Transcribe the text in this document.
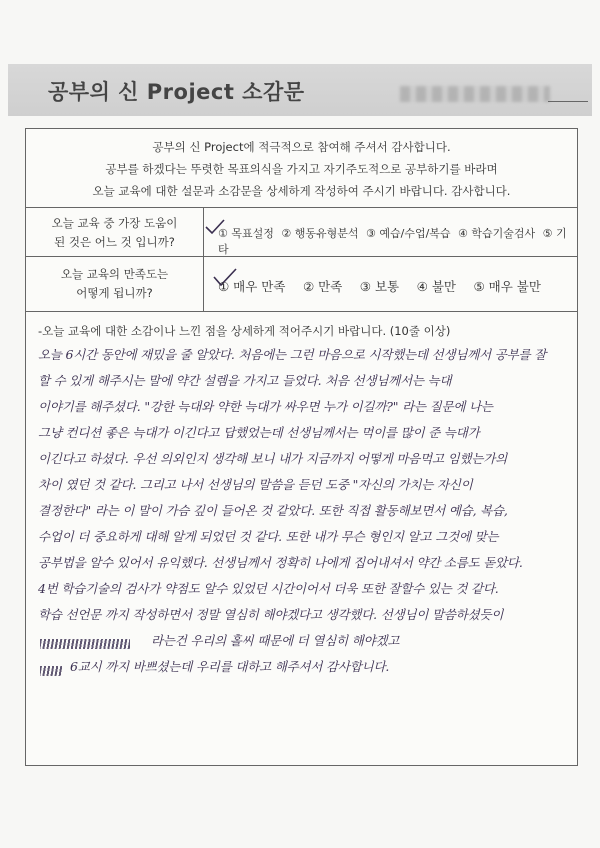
공부의 신 Project 소감문
공부의 신 Project에 적극적으로 참여해 주셔서 감사합니다.
공부를 하겠다는 뚜렷한 목표의식을 가지고 자기주도적으로 공부하기를 바라며
오늘 교육에 대한 설문과 소감문을 상세하게 작성하여 주시기 바랍니다. 감사합니다.
오늘 교육 중 가장 도움이
된 것은 어느 것 입니까?
① 목표설정 ② 행동유형분석 ③ 예습/수업/복습 ④ 학습기술검사 ⑤ 기타
오늘 교육의 만족도는
어떻게 됩니까?	① 매우 만족 ② 만족 ③ 보통 ④ 불만 ⑤ 매우 불만
-오늘 교육에 대한 소감이나 느낀 점을 상세하게 적어주시기 바랍니다. (10줄 이상)
오늘 6시간 동안에 재밌을 줄 알았다. 처음에는 그런 마음으로 시작했는데 선생님께서 공부를 잘
할 수 있게 해주시는 말에 약간 설렘을 가지고 들었다. 처음 선생님께서는 늑대
이야기를 해주셨다. "강한 늑대와 약한 늑대가 싸우면 누가 이길까?" 라는 질문에 나는
그냥 컨디션 좋은 늑대가 이긴다고 답했었는데 선생님께서는 먹이를 많이 준 늑대가
이긴다고 하셨다. 우선 의외인지 생각해 보니 내가 지금까지 어떻게 마음먹고 임했는가의
차이 였던 것 같다. 그리고 나서 선생님의 말씀을 듣던 도중 "자신의 가치는 자신이
결정한다" 라는 이 말이 가슴 깊이 들어온 것 같았다. 또한 직접 활동해보면서 예습, 복습,
수업이 더 중요하게 대해 알게 되었던 것 같다. 또한 내가 무슨 형인지 알고 그것에 맞는
공부법을 알수 있어서 유익했다. 선생님께서 정확히 나에게 집어내셔서 약간 소름도 돋았다.
4번 학습기술의 검사가 약점도 알수 있었던 시간이어서 더욱 또한 잘할수 있는 것 같다.
학습 선언문 까지 작성하면서 정말 열심히 해야겠다고 생각했다. 선생님이 말씀하셨듯이
라는건 우리의 홀씨 때문에 더 열심히 해야겠고
6교시 까지 바쁘셨는데 우리를 대하고 해주셔서 감사합니다.
